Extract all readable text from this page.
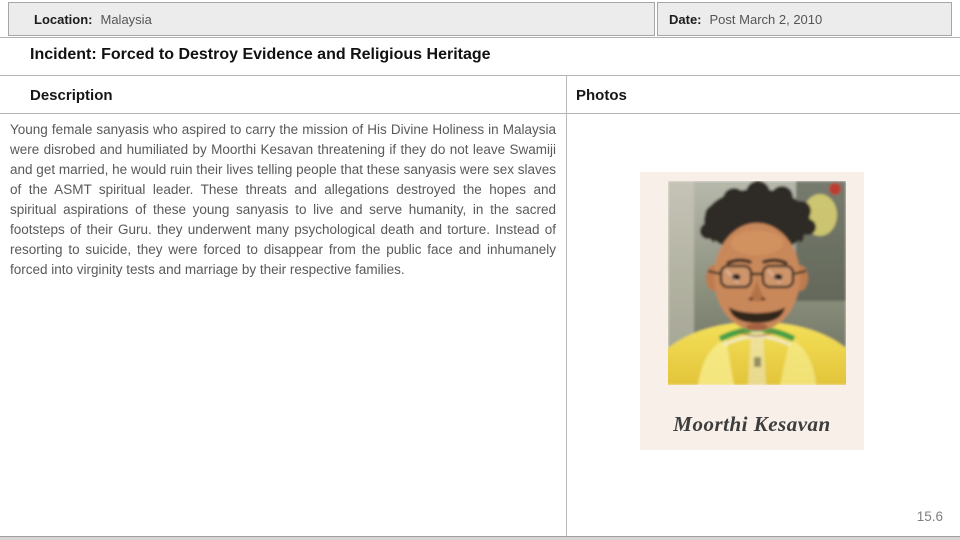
Location: Malaysia	Date: Post March 2, 2010
Incident: Forced to Destroy Evidence and Religious Heritage
Description	Photos

Young female sanyasis who aspired to carry the mission of His Divine Holiness in Malaysia were disrobed and humiliated by Moorthi Kesavan threatening if they do not leave Swamiji and get married, he would ruin their lives telling people that these sanyasis were sex slaves of the ASMT spiritual leader. These threats and allegations destroyed the hopes and spiritual aspirations of these young sanyasis to live and serve humanity, in the sacred footsteps of their Guru. they underwent many psychological death and torture. Instead of resorting to suicide, they were forced to disappear from the public face and inhumanely forced into virginity tests and marriage by their respective families.

Moorthi Kesavan
15.6
